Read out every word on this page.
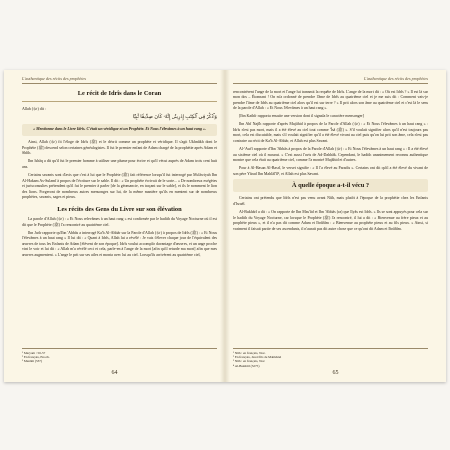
L'authentique des récits des prophètes
Le récit de Idrîs dans le Coran

Allah (ﷻ) dit :

وَٱذۡكُرۡ فِي ٱلۡكِتَٰبِ إِدۡرِيسَۚ إِنَّهُۥ كَانَ صِدِّيقٗا نَّبِيّٗا

« Mentionne dans le Livre Idrîs. C'était un véridique et un Prophète. Et Nous l'élevâmes à un haut rang ».

Ainsi, Allah (ﷻ) fit l'éloge de Idrîs (ﷺ) et le décrit comme un prophète et véridique. Il s'agit Ukhnûkh dont le Prophète (ﷺ) descend selon certaines généalogistes. Il fut le premier enfant de Adam chargé de la prophétie après Adam et Shîth.

Ibn Ishâq a dit qu'il fut le premier homme à utiliser une plume pour écrire et qu'il vécut auprès de Adam trois cent huit ans.

Certains savants sont d'avis que c'est à lui que le Prophète (ﷺ) fait référence lorsqu'il fut interrogé par Mu'âwiyah Ibn Al-Hakam As-Sulamî à propos de l'écriture sur le sable. Il dit : « Un prophète écrivait de le sorte... » De nombreux exégètes et jurisconsultes prétendent qu'il fut le premier à parler [de la géomancie, en traçant sur le sable], et ils le nomment le lion des lions. Forgeront de nombreux autres mensonges sur lui, de la même manière qu'ils en mentent sur de nombreux prophètes, savants, sages et pieux.

Les récits des Gens du Livre sur son élévation

La parole d'Allah (ﷻ) : « Et Nous relevâmes à un haut rang » est confirmée par le hadith du Voyage Nocturne où il est dit que le Prophète (ﷺ) l'a rencontré au quatrième ciel.

Ibn Jarîr rapporte qu'Ibn 'Abbâs a interrogé Ka'b Al-Ahbâr sur la Parole d'Allah (ﷻ) à propos de Idrîs (ﷺ) : « Et Nous l'élevâmes à un haut rang » Il lui dit : « Quant à Idrîs, Allah lui a révélé : Je vais t'élever chaque jour de l'équivalent des œuvres de tous les Enfants de Adam [élèvent de son époque]. Idrîs voulut accomplir davantage d'œuvres, et un ange proche vint le voir et lui dit : « Allah m'a révélé ceci et cela, parle-en à l'ange de la mort [afin qu'il retarde ma mort] afin que mes œuvres augmentent. » L'ange le prit sur ses ailes et monta avec lui au ciel. Lorsqu'ils arrivèrent au quatrième ciel,

¹ Maryam : 56-57
² En français, Enoch.
³ Muslim (537)
64
L'authentique des récits des prophètes

rencontrèrent l'ange de la mort et l'ange lui transmit la requête de Idrîs. L'ange de la mort dit : « Où est Idrîs ? » Il est là sur mon dos – Étonnant ! On m'a ordonné de prendre l'âme de Idrîs au quatrième ciel et je me suis dit : Comment vais-je prendre l'âme de Idrîs au quatrième ciel alors qu'il est sur terre ? » Il prit alors son âme au quatrième ciel et c'est là le sens de la parole d'Allah : « Et Nous l'élevâmes à un haut rang ».

[Ibn Kathîr rapporta ensuite une version dont il signala le caractère mensonger]

Ibn Abî Najîh rapporte d'après Mujâhid à propos de la Parole d'Allah (ﷻ) : « Et Nous l'élevâmes à un haut rang » : Idrîs n'est pas mort, mais il a été élevé au ciel tout comme 'Îsâ (ﷺ) ». S'il voulait signifier alors qu'il n'est toujours pas mort, cela est discutable, mais s'il voulait signifier qu'il a été élevé vivant au ciel puis qu'on lui prit son âme, cela n'est pas contraire au récit de Ka'b Al-Ahbâr, et Allah est plus Savant.

Al-'Awfî rapporte d'Ibn 'Abbâs à propos de la Parole d'Allah (ﷻ) : « Et Nous l'élevâmes à un haut rang » : Il a été élevé au sixième ciel où il mourut. » C'est aussi l'avis de Ad-Dahhâk. Cependant, le hadith unanimement reconnu authentique montre que cela était au quatrième ciel, comme l'a montré Mujâhid et d'autres.

Pour à Al-Hasan Al-Basrî, le verset signifie : « Il l'a élevé au Paradis ». Certains ont dit qu'il a été élevé du vivant de son père Yârad Ibn Mahlâl'îl², et Allah est plus Savant.

À quelle époque a-t-il vécu ?

Certains ont prétendu que Idrîs n'est pas venu avant Nûh, mais plutôt à l'époque de la prophétie chez les Enfants d'Israël.

Al-Bukhârî a dit : « On rapporte de Ibn Mas'ûd et Ibn 'Abbâs (ra) que Ilyâs est Idrîs. » Ils se sont appuyés pour cela sur le hadith du Voyage Nocturne, car lorsque le Prophète (ﷺ) l'a rencontré, il lui a dit : « Bienvenue au frère pieux et au prophète pieux », et il n'a pas dit comme Adam et Ibrâhîm : « Bienvenue au prophète pieux et au fils pieux. » Ainsi, si vraiment il faisait partie de ses ascendants, il n'aurait pas dit autre chose que ce qu'ont dit Adam et Ibrâhîm.

¹ Nûh : en français, Noé.
² En français, Jared fils de Mahléléel
³ Nûh : en français, Noé
⁴ Al-Bukhârî (3275)
65
